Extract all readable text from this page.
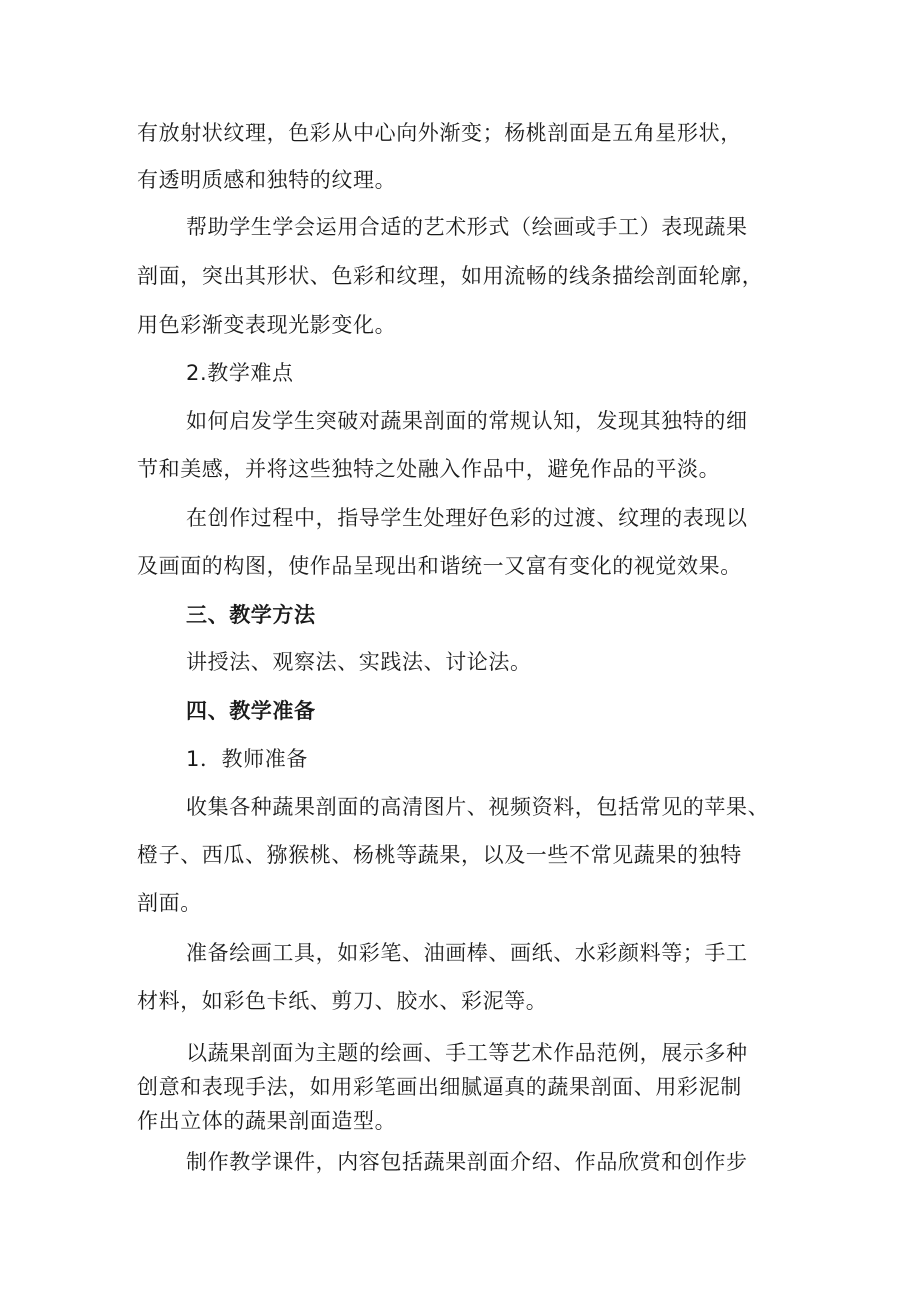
有放射状纹理，色彩从中心向外渐变；杨桃剖面是五角星形状，
有透明质感和独特的纹理。
帮助学生学会运用合适的艺术形式（绘画或手工）表现蔬果
剖面，突出其形状、色彩和纹理，如用流畅的线条描绘剖面轮廓，
用色彩渐变表现光影变化。
2.教学难点
如何启发学生突破对蔬果剖面的常规认知，发现其独特的细
节和美感，并将这些独特之处融入作品中，避免作品的平淡。
在创作过程中，指导学生处理好色彩的过渡、纹理的表现以
及画面的构图，使作品呈现出和谐统一又富有变化的视觉效果。
三、教学方法
讲授法、观察法、实践法、讨论法。
四、教学准备
1．教师准备
收集各种蔬果剖面的高清图片、视频资料，包括常见的苹果、
橙子、西瓜、猕猴桃、杨桃等蔬果，以及一些不常见蔬果的独特
剖面。
准备绘画工具，如彩笔、油画棒、画纸、水彩颜料等；手工
材料，如彩色卡纸、剪刀、胶水、彩泥等。
以蔬果剖面为主题的绘画、手工等艺术作品范例，展示多种
创意和表现手法，如用彩笔画出细腻逼真的蔬果剖面、用彩泥制
作出立体的蔬果剖面造型。
制作教学课件，内容包括蔬果剖面介绍、作品欣赏和创作步
